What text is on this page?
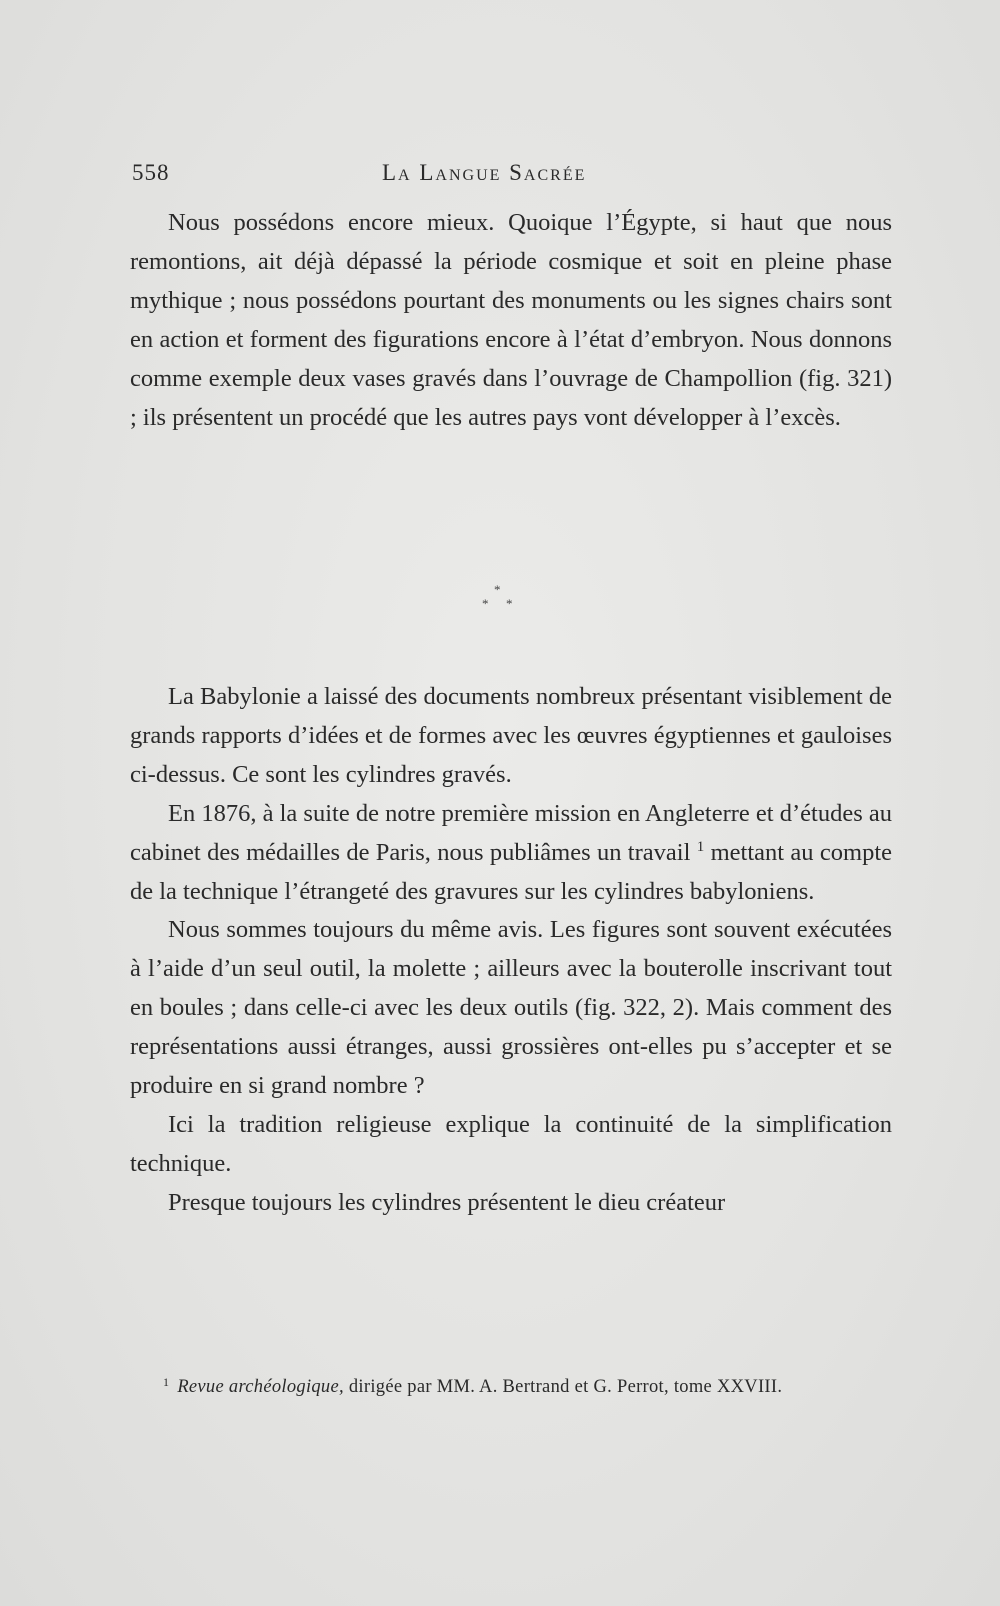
558	La Langue Sacrée

Nous possédons encore mieux. Quoique l’Égypte, si haut que nous remontions, ait déjà dépassé la période cosmique et soit en pleine phase mythique ; nous possédons pourtant des monuments ou les signes chairs sont en action et forment des figurations encore à l’état d’embryon. Nous donnons comme exemple deux vases gravés dans l’ouvrage de Champollion (fig. 321) ; ils présentent un procédé que les autres pays vont développer à l’excès.

*
* *

La Babylonie a laissé des documents nombreux présentant visiblement de grands rapports d’idées et de formes avec les œuvres égyptiennes et gauloises ci-dessus. Ce sont les cylindres gravés.

En 1876, à la suite de notre première mission en Angleterre et d’études au cabinet des médailles de Paris, nous publiâmes un travail $^1$ mettant au compte de la technique l’étrangeté des gravures sur les cylindres babyloniens.

Nous sommes toujours du même avis. Les figures sont souvent exécutées à l’aide d’un seul outil, la molette ; ailleurs avec la bouterolle inscrivant tout en boules ; dans celle-ci avec les deux outils (fig. 322, 2). Mais comment des représentations aussi étranges, aussi grossières ont-elles pu s’accepter et se produire en si grand nombre ?

Ici la tradition religieuse explique la continuité de la simplification technique.

Presque toujours les cylindres présentent le dieu créateur

$^1$ Revue archéologique, dirigée par MM. A. Bertrand et G. Perrot, tome XXVIII.
